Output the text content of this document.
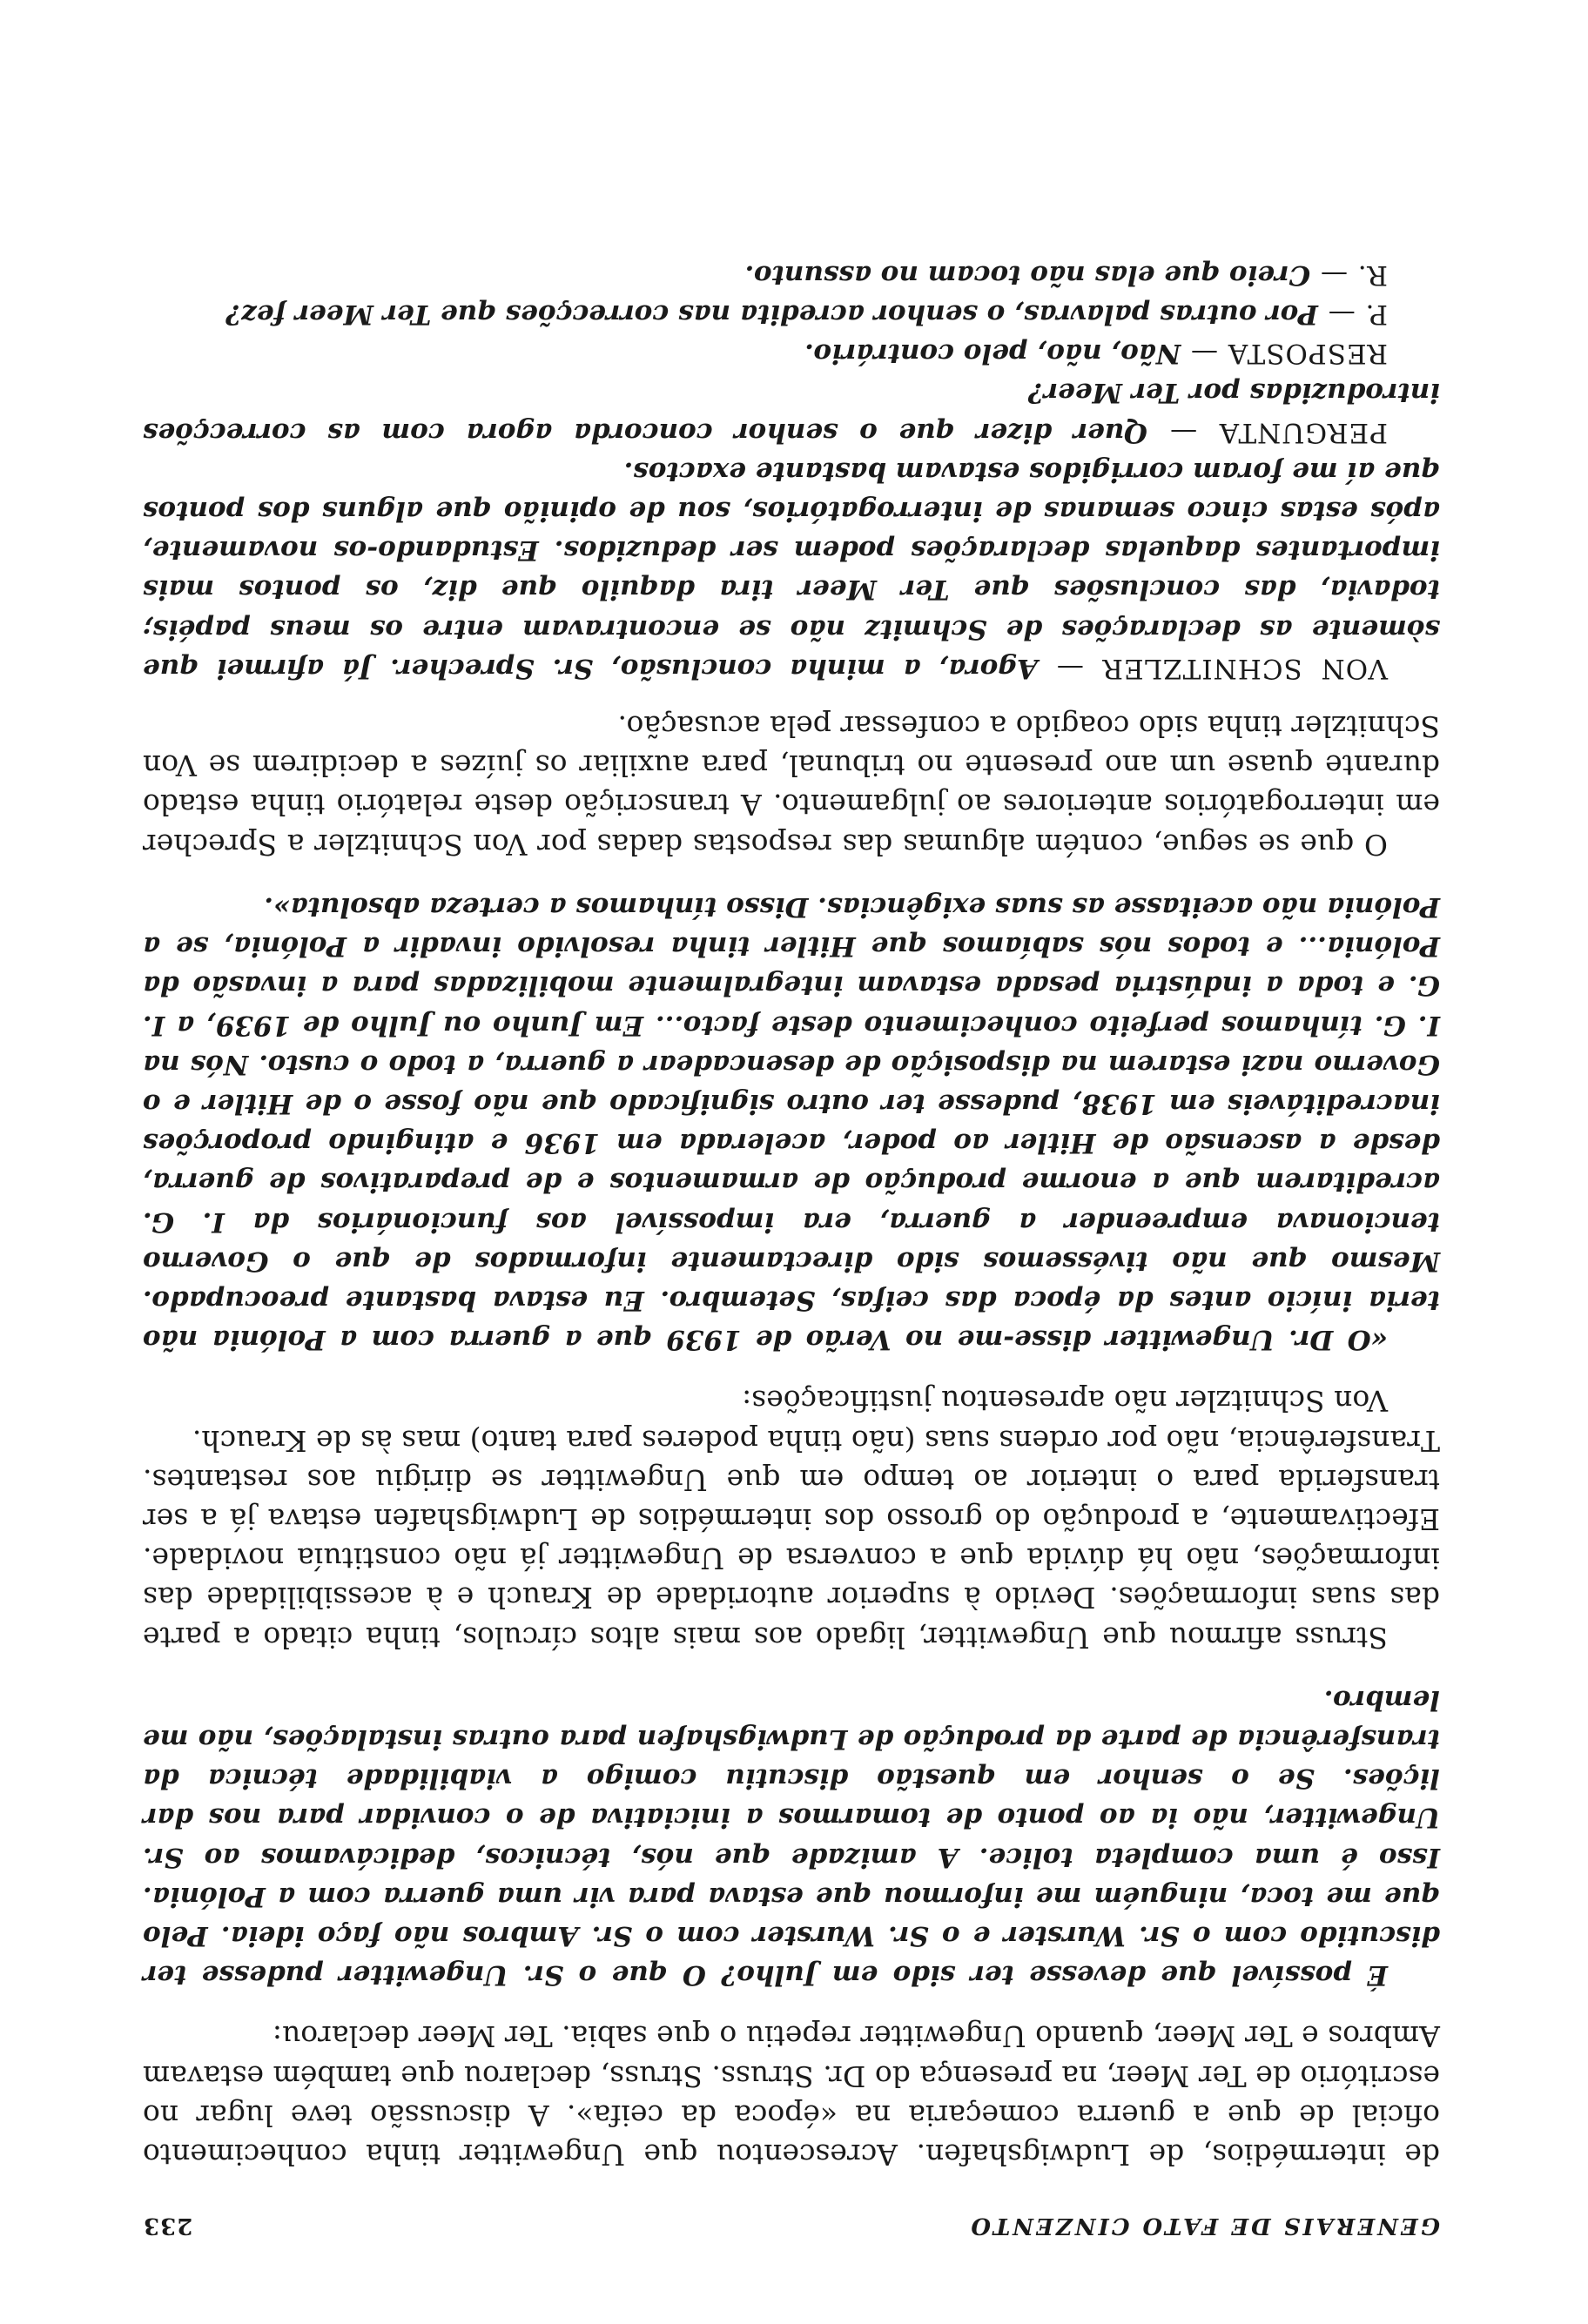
GENERAIS DE FATO CINZENTO
233

de intermédios, de Ludwigshafen. Acrescentou que Ungewitter tinha conhecimento oficial de que a guerra começaria na «época da ceifa». A discussão teve lugar no escritório de Ter Meer, na presença do Dr. Struss. Struss, declarou que também estavam Ambros e Ter Meer, quando Ungewitter repetiu o que sabia. Ter Meer declarou:

É possível que devesse ter sido em Julho? O que o Sr. Ungewitter pudesse ter discutido com o Sr. Wurster e o Sr. Wurster com o Sr. Ambros não faço ideia. Pelo que me toca, ninguém me informou que estava para vir uma guerra com a Polónia. Isso é uma completa tolice. A amizade que nós, técnicos, dedicávamos ao Sr. Ungewitter, não ia ao ponto de tomarmos a iniciativa de o convidar para nos dar lições. Se o senhor em questão discutiu comigo a viabilidade técnica da transferência de parte da produção de Ludwigshafen para outras instalações, não me lembro.

Struss afirmou que Ungewitter, ligado aos mais altos círculos, tinha citado a parte das suas informações. Devido à superior autoridade de Krauch e à acessibilidade das informações, não há dúvida que a conversa de Ungewitter já não constituía novidade. Efectivamente, a produção do grosso dos intermédios de Ludwigshafen estava já a ser transferida para o interior ao tempo em que Ungewitter se dirigiu aos restantes. Transferência, não por ordens suas (não tinha poderes para tanto) mas às de Krauch.

Von Schnitzler não apresentou justificações:

«O Dr. Ungewitter disse-me no Verão de 1939 que a guerra com a Polónia não teria início antes da época das ceifas, Setembro. Eu estava bastante preocupado. Mesmo que não tivéssemos sido directamente informados de que o Governo tencionava empreender a guerra, era impossível aos funcionários da I. G. acreditarem que a enorme produção de armamentos e de preparativos de guerra, desde a ascensão de Hitler ao poder, acelerada em 1936 e atingindo proporções inacreditáveis em 1938, pudesse ter outro significado que não fosse o de Hitler e o Governo nazi estarem na disposição de desencadear a guerra, a todo o custo. Nós na I. G. tínhamos perfeito conhecimento deste facto... Em Junho ou Julho de 1939, a I. G. e toda a indústria pesada estavam integralmente mobilizadas para a invasão da Polónia... e todos nós sabíamos que Hitler tinha resolvido invadir a Polónia, se a Polónia não aceitasse as suas exigências. Disso tínhamos a certeza absoluta».

O que se segue, contém algumas das respostas dadas por Von Schnitzler a Sprecher em interrogatórios anteriores ao julgamento. A transcrição deste relatório tinha estado durante quase um ano presente no tribunal, para auxiliar os juízes a decidirem se Von Schnitzler tinha sido coagido a confessar pela acusação.

VON SCHNITZLER — Agora, a minha conclusão, Sr. Sprecher. Já afirmei que sòmente as declarações de Schmitz não se encontravam entre os meus papéis; todavia, das conclusões que Ter Meer tira daquilo que diz, os pontos mais importantes daquelas declarações podem ser deduzidos. Estudando-os novamente, após estas cinco semanas de interrogatórios, sou de opinião que alguns dos pontos que aí me foram corrigidos estavam bastante exactos.

PERGUNTA — Quer dizer que o senhor concorda agora com as correcções introduzidas por Ter Meer?

RESPOSTA — Não, não, pelo contrário.

P. — Por outras palavras, o senhor acredita nas correcções que Ter Meer fez?

R. — Creio que elas não tocam no assunto.
